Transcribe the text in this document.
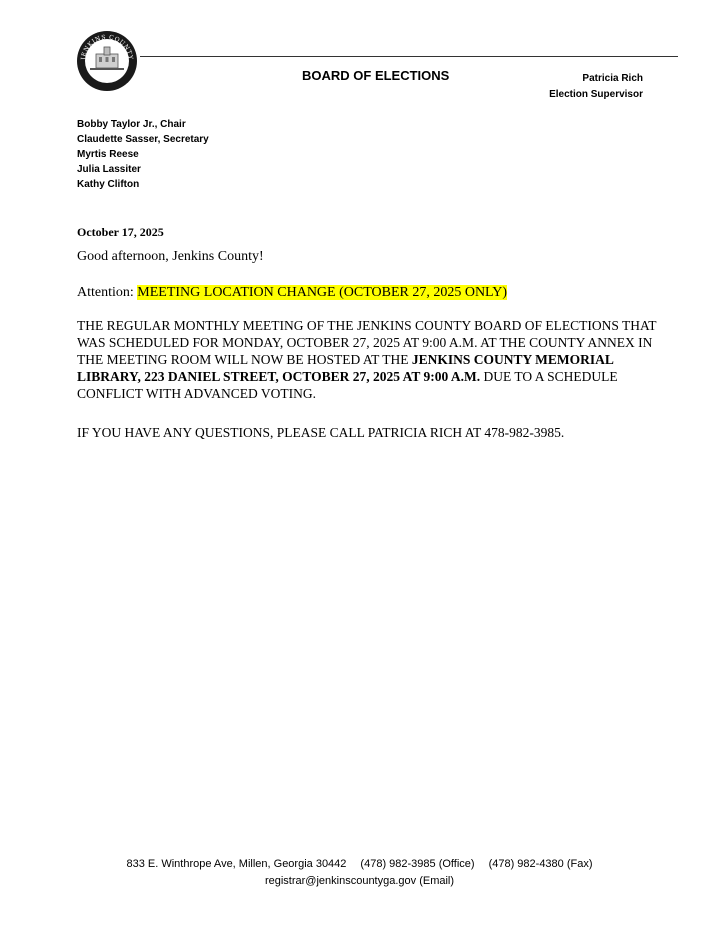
JENKINS COUNTY
1905	BOARD OF ELECTIONS	Patricia Rich
Election Supervisor
Bobby Taylor Jr., Chair
Claudette Sasser, Secretary
Myrtis Reese
Julia Lassiter
Kathy Clifton
October 17, 2025
Good afternoon, Jenkins County!
Attention: MEETING LOCATION CHANGE (OCTOBER 27, 2025 ONLY)
THE REGULAR MONTHLY MEETING OF THE JENKINS COUNTY BOARD OF ELECTIONS THAT WAS SCHEDULED FOR MONDAY, OCTOBER 27, 2025 AT 9:00 A.M. AT THE COUNTY ANNEX IN THE MEETING ROOM WILL NOW BE HOSTED AT THE JENKINS COUNTY MEMORIAL LIBRARY, 223 DANIEL STREET, OCTOBER 27, 2025 AT 9:00 A.M. DUE TO A SCHEDULE CONFLICT WITH ADVANCED VOTING.
IF YOU HAVE ANY QUESTIONS, PLEASE CALL PATRICIA RICH AT 478-982-3985.
833 E. Winthrope Ave, Millen, Georgia 30442 (478) 982-3985 (Office) (478) 982-4380 (Fax)
registrar@jenkinscountyga.gov (Email)
